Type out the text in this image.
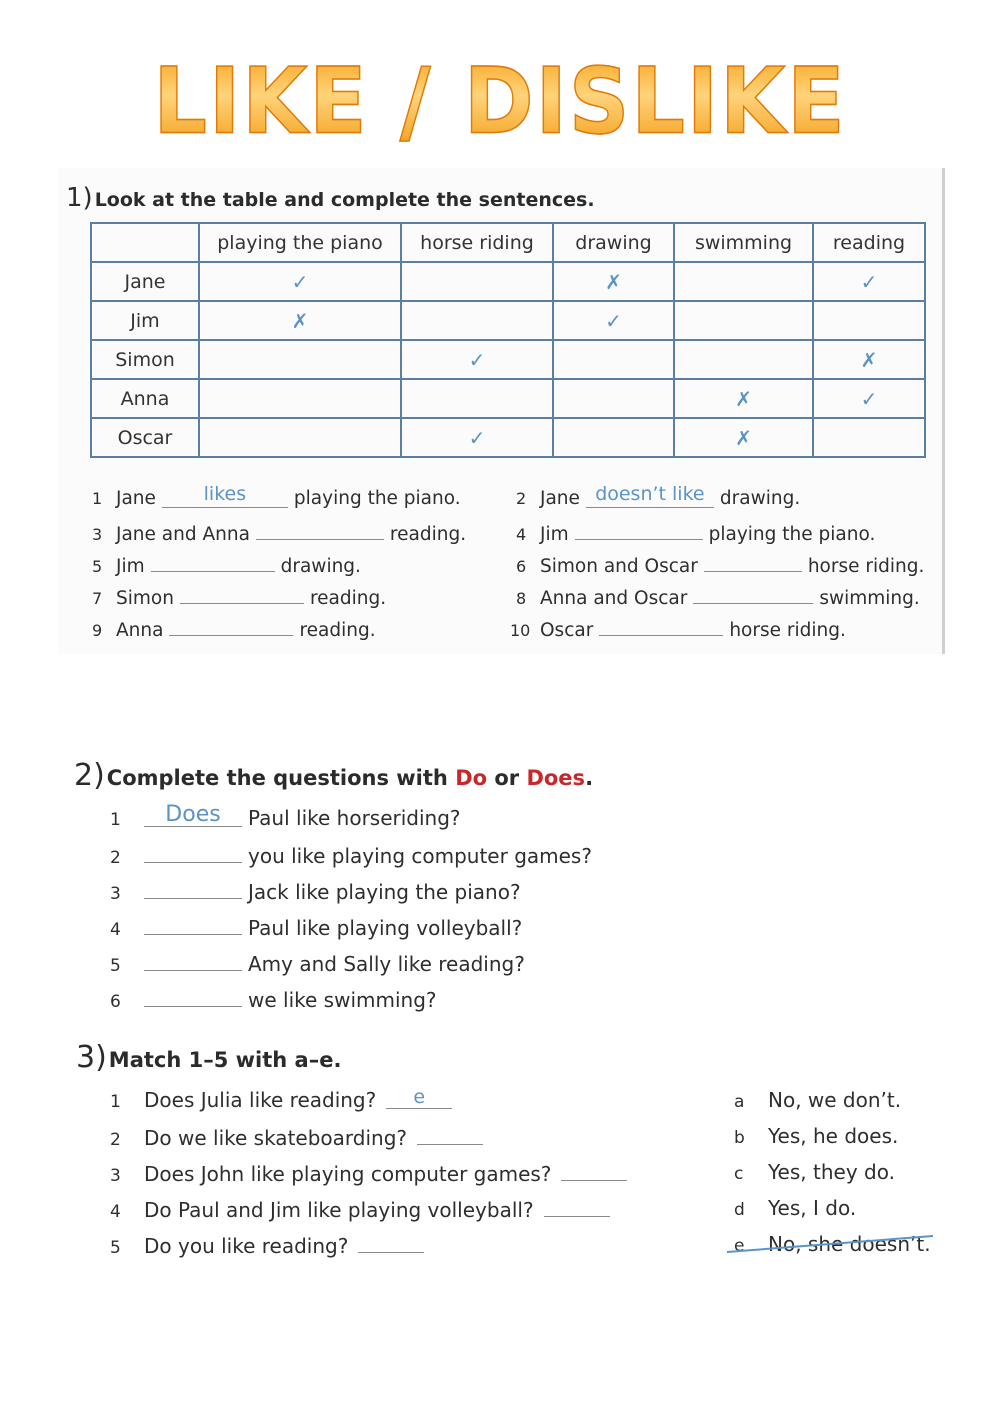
LIKE / DISLIKE
1) Look at the table and complete the sentences.
	playing the piano	horse riding	drawing	swimming	reading
Jane	✓		✗		✓
Jim	✗		✓		
Simon		✓			✗
Anna				✗	✓
Oscar		✓		✗	
1 Jane	likes	playing the piano.	2 Jane doesn’t like drawing.
3 Jane and Anna	reading.	4 Jim	playing the piano.
5 Jim	drawing.	6 Simon and Oscar	horse riding.
7 Simon	reading.	8 Anna and Oscar	swimming.
9 Anna	reading.	10 Oscar	horse riding.
2)Complete the questions with Do or Does.
1	Does	Paul like horseriding?
2	you like playing computer games?
3	Jack like playing the piano?
4	Paul like playing volleyball?
5	Amy and Sally like reading?
6	we like swimming?
3)Match 1–5 with a–e.
1	Does Julia like reading?	e
2	Do we like skateboarding?
3	Does John like playing computer games?
4	Do Paul and Jim like playing volleyball?
5	Do you like reading?
a	No, we don’t.
b	Yes, he does.
c	Yes, they do.
d	Yes, I do.
e	No, she doesn’t.
